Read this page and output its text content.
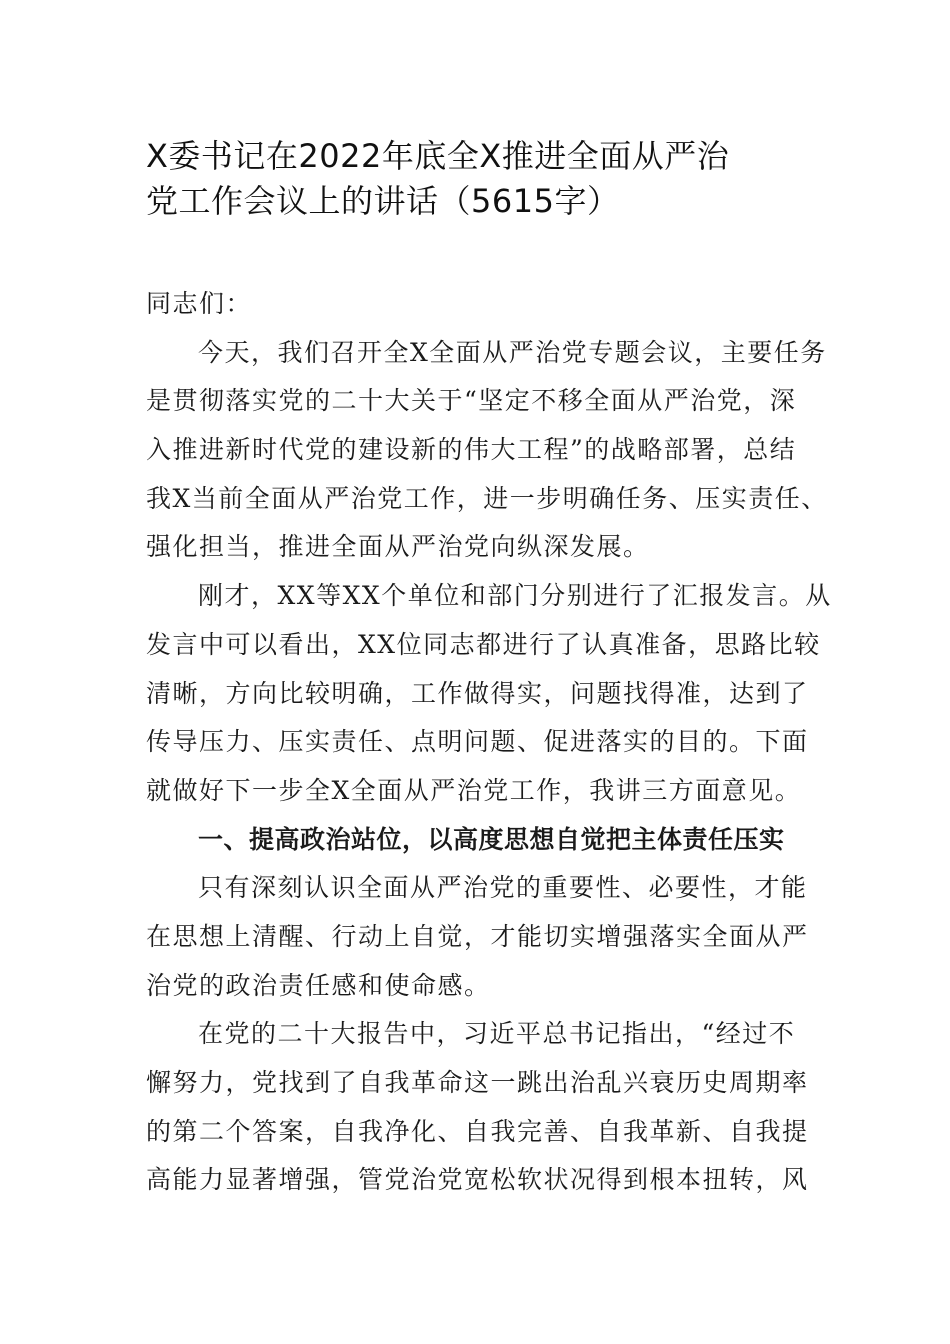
X委书记在2022年底全X推进全面从严治
党工作会议上的讲话（5615字）
同志们：
今天，我们召开全X全面从严治党专题会议，主要任务
是贯彻落实党的二十大关于“坚定不移全面从严治党，深
入推进新时代党的建设新的伟大工程”的战略部署，总结
我X当前全面从严治党工作，进一步明确任务、压实责任、
强化担当，推进全面从严治党向纵深发展。
刚才，XX等XX个单位和部门分别进行了汇报发言。从
发言中可以看出，XX位同志都进行了认真准备，思路比较
清晰，方向比较明确，工作做得实，问题找得准，达到了
传导压力、压实责任、点明问题、促进落实的目的。下面
就做好下一步全X全面从严治党工作，我讲三方面意见。
一、提高政治站位，以高度思想自觉把主体责任压实
只有深刻认识全面从严治党的重要性、必要性，才能
在思想上清醒、行动上自觉，才能切实增强落实全面从严
治党的政治责任感和使命感。
在党的二十大报告中，习近平总书记指出，“经过不
懈努力，党找到了自我革命这一跳出治乱兴衰历史周期率
的第二个答案，自我净化、自我完善、自我革新、自我提
高能力显著增强，管党治党宽松软状况得到根本扭转，风
